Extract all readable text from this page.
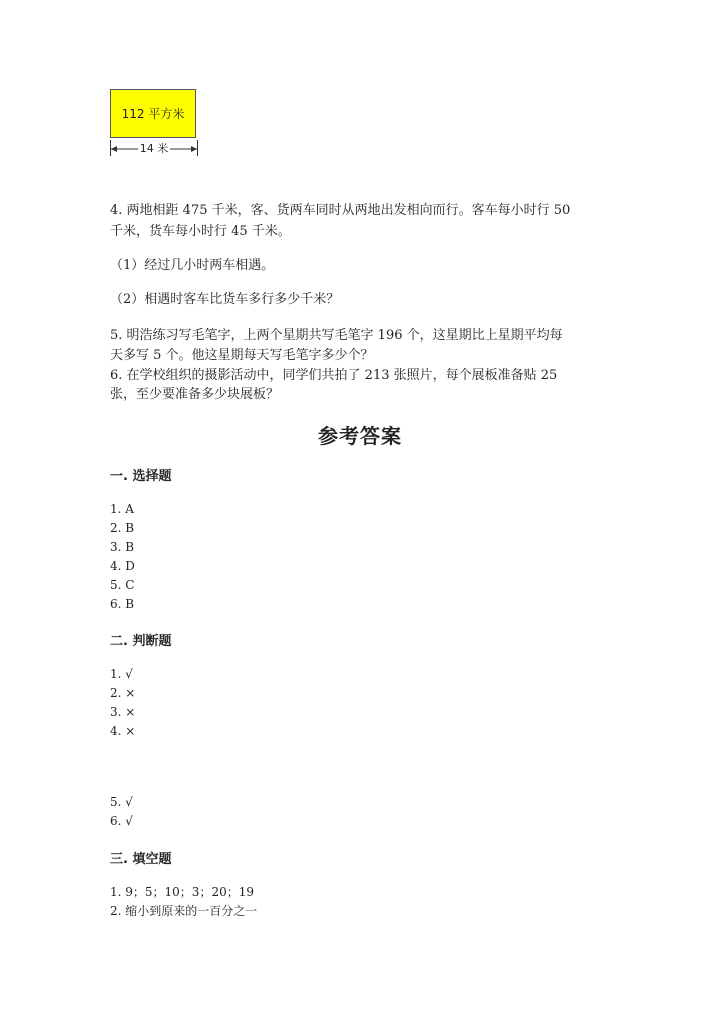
112 平方米
14 米
4. 两地相距 475 千米，客、货两车同时从两地出发相向而行。客车每小时行 50
千米，货车每小时行 45 千米。
（1）经过几小时两车相遇。
（2）相遇时客车比货车多行多少千米？
5. 明浩练习写毛笔字，上两个星期共写毛笔字 196 个，这星期比上星期平均每
天多写 5 个。他这星期每天写毛笔字多少个？
6. 在学校组织的摄影活动中，同学们共拍了 213 张照片，每个展板准备贴 25
张，至少要准备多少块展板？
参考答案
一. 选择题
1. A
2. B
3. B
4. D
5. C
6. B
二. 判断题
1. √
2. ×
3. ×
4. ×
5. √
6. √
三. 填空题
1. 9；5；10；3；20；19
2. 缩小到原来的一百分之一
